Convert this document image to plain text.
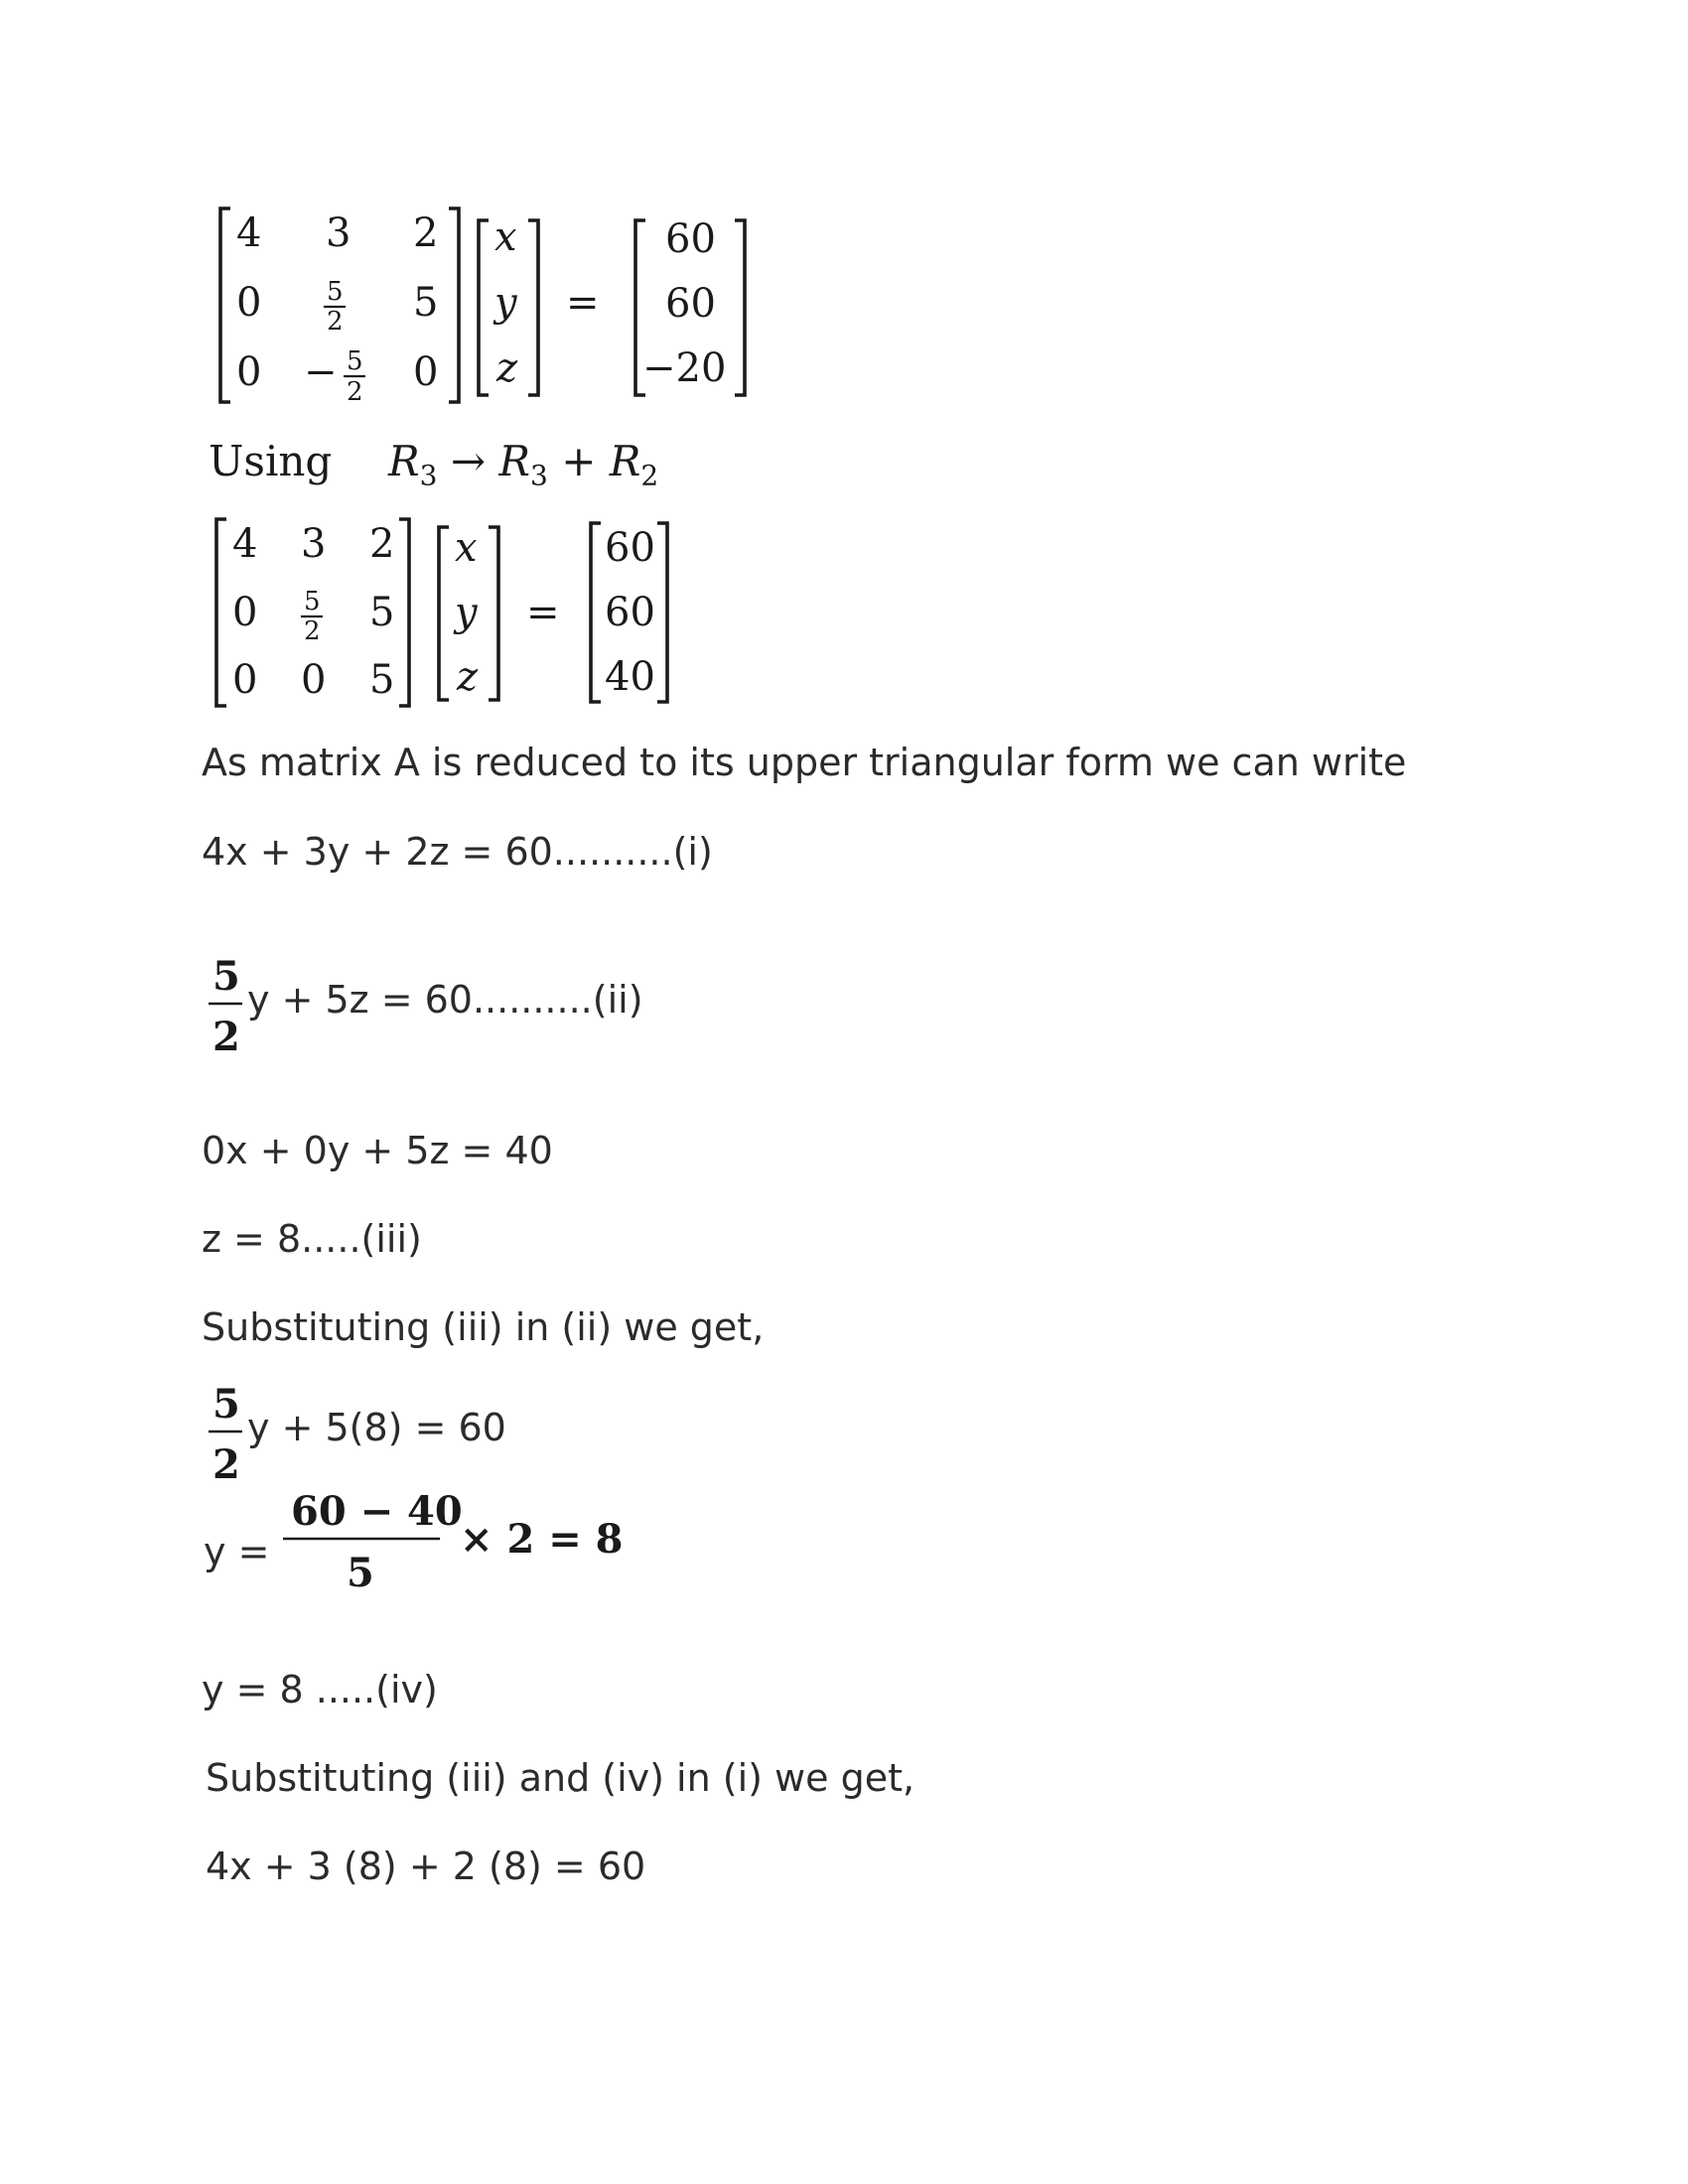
4 3 2
0	5
2 5
0 − 5
2 0
x
y
z
=
60
60
−20
Using $R_3 \to R_3 + R_2$
4 3 2
0 5
2 5
0 0 5
x
y
z
=
60
60
40
As matrix A is reduced to its upper triangular form we can write
4x + 3y + 2z = 60..........(i)
5
2
y + 5z = 60..........(ii)
0x + 0y + 5z = 40
z = 8.....(iii)
Substituting (iii) in (ii) we get,
5
2
y + 5(8) = 60
y =
60 − 40
5
× 2 = 8
y = 8 .....(iv)
Substituting (iii) and (iv) in (i) we get,
4x + 3 (8) + 2 (8) = 60
